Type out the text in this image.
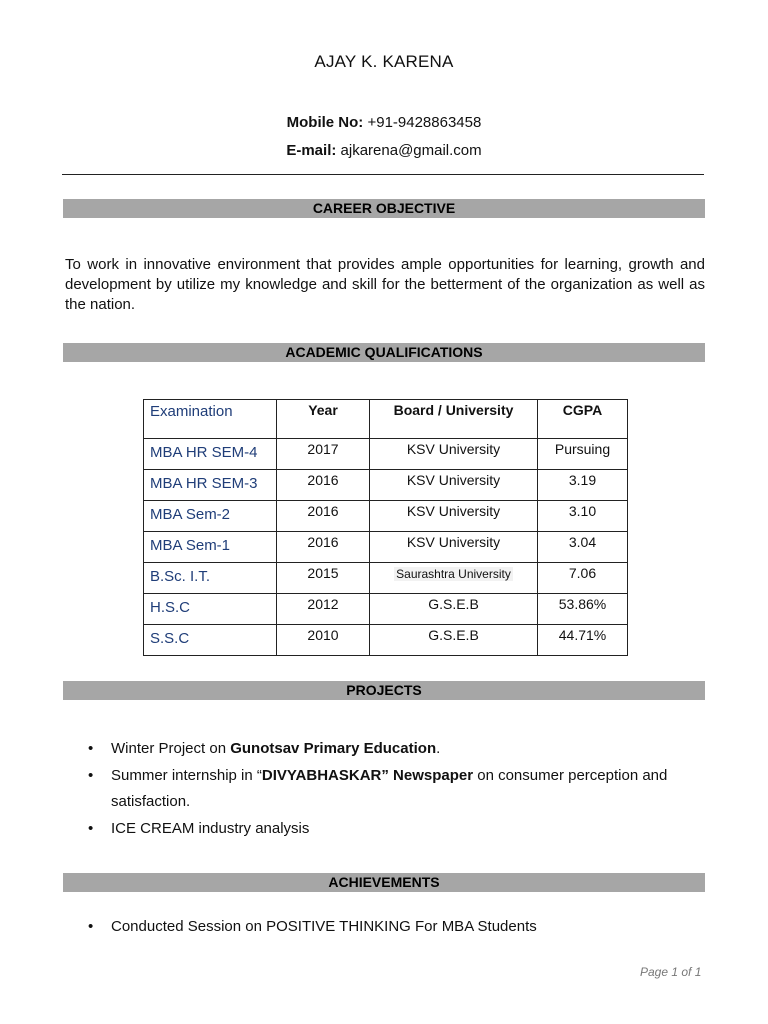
AJAY K. KARENA
Mobile No: +91-9428863458
E-mail: ajkarena@gmail.com
CAREER OBJECTIVE
To work in innovative environment that provides ample opportunities for learning, growth and development by utilize my knowledge and skill for the betterment of the organization as well as the nation.
ACADEMIC QUALIFICATIONS
Examination	Year	Board / University	CGPA
MBA HR SEM-4	2017	KSV University	Pursuing
MBA HR SEM-3	2016	KSV University	3.19
MBA Sem-2	2016	KSV University	3.10
MBA Sem-1	2016	KSV University	3.04
B.Sc. I.T.	2015	Saurashtra University	7.06
H.S.C	2012	G.S.E.B	53.86%
S.S.C	2010	G.S.E.B	44.71%
PROJECTS
• Winter Project on Gunotsav Primary Education.
• Summer internship in “DIVYABHASKAR” Newspaper on consumer perception and
satisfaction.
• ICE CREAM industry analysis
ACHIEVEMENTS
• Conducted Session on POSITIVE THINKING For MBA Students
Page 1 of 1
